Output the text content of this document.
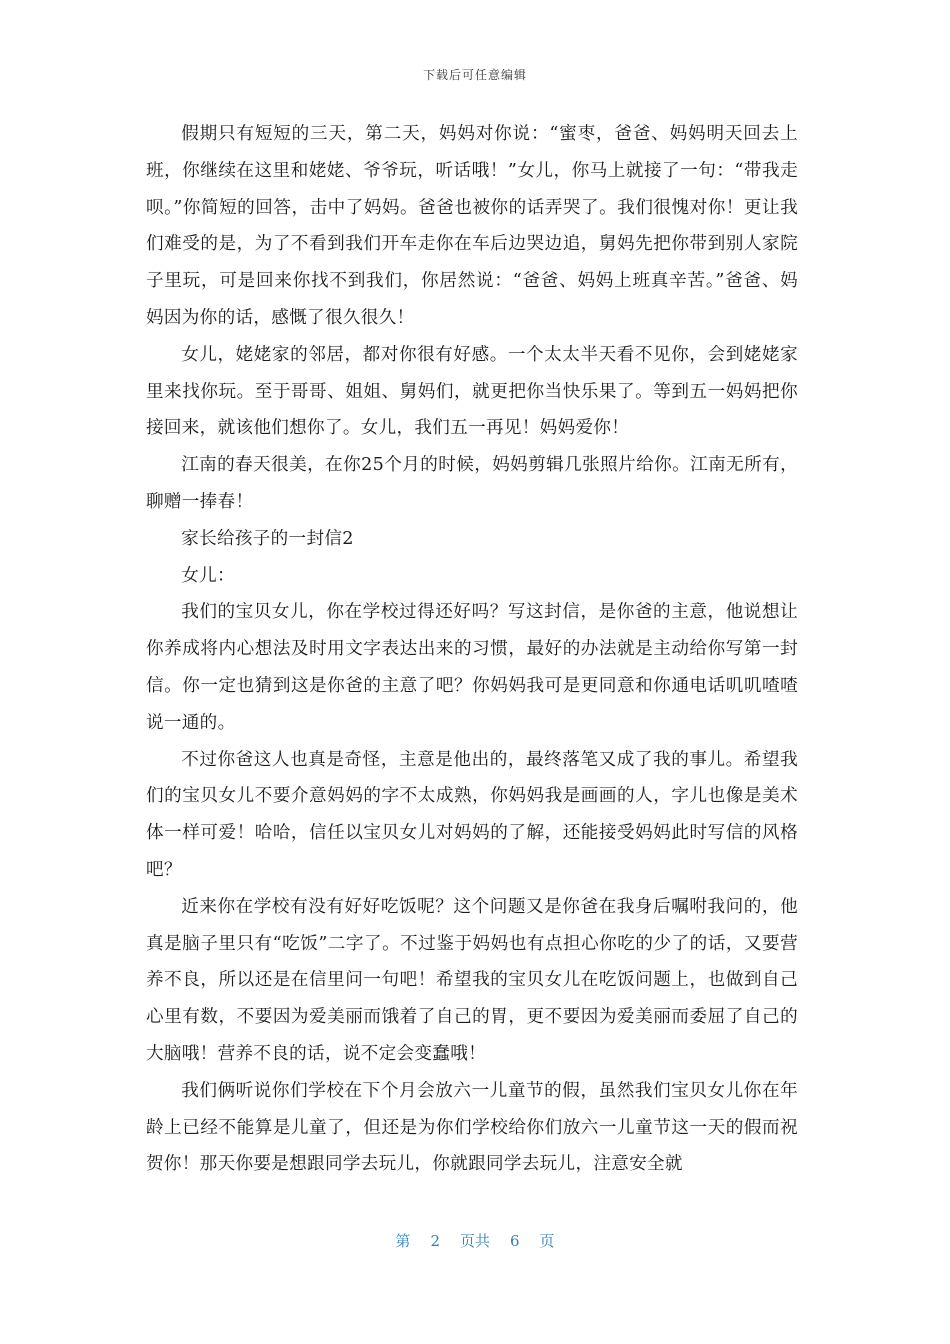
下载后可任意编辑

假期只有短短的三天，第二天，妈妈对你说：“蜜枣，爸爸、妈妈明天回去上班，你继续在这里和姥姥、爷爷玩，听话哦！”女儿，你马上就接了一句：“带我走呗。”你简短的回答，击中了妈妈。爸爸也被你的话弄哭了。我们很愧对你！更让我们难受的是，为了不看到我们开车走你在车后边哭边追，舅妈先把你带到别人家院子里玩，可是回来你找不到我们，你居然说：“爸爸、妈妈上班真辛苦。”爸爸、妈妈因为你的话，感慨了很久很久！

女儿，姥姥家的邻居，都对你很有好感。一个太太半天看不见你，会到姥姥家里来找你玩。至于哥哥、姐姐、舅妈们，就更把你当快乐果了。等到五一妈妈把你接回来，就该他们想你了。女儿，我们五一再见！妈妈爱你！

江南的春天很美，在你25个月的时候，妈妈剪辑几张照片给你。江南无所有，聊赠一捧春！

家长给孩子的一封信2

女儿：

我们的宝贝女儿，你在学校过得还好吗？写这封信，是你爸的主意，他说想让你养成将内心想法及时用文字表达出来的习惯，最好的办法就是主动给你写第一封信。你一定也猜到这是你爸的主意了吧？你妈妈我可是更同意和你通电话叽叽喳喳说一通的。

不过你爸这人也真是奇怪，主意是他出的，最终落笔又成了我的事儿。希望我们的宝贝女儿不要介意妈妈的字不太成熟，你妈妈我是画画的人，字儿也像是美术体一样可爱！哈哈，信任以宝贝女儿对妈妈的了解，还能接受妈妈此时写信的风格吧？

近来你在学校有没有好好吃饭呢？这个问题又是你爸在我身后嘱咐我问的，他真是脑子里只有“吃饭”二字了。不过鉴于妈妈也有点担心你吃的少了的话，又要营养不良，所以还是在信里问一句吧！希望我的宝贝女儿在吃饭问题上，也做到自己心里有数，不要因为爱美丽而饿着了自己的胃，更不要因为爱美丽而委屈了自己的大脑哦！营养不良的话，说不定会变蠢哦！

我们俩听说你们学校在下个月会放六一儿童节的假，虽然我们宝贝女儿你在年龄上已经不能算是儿童了，但还是为你们学校给你们放六一儿童节这一天的假而祝贺你！那天你要是想跟同学去玩儿，你就跟同学去玩儿，注意安全就

第 2 页共 6 页
